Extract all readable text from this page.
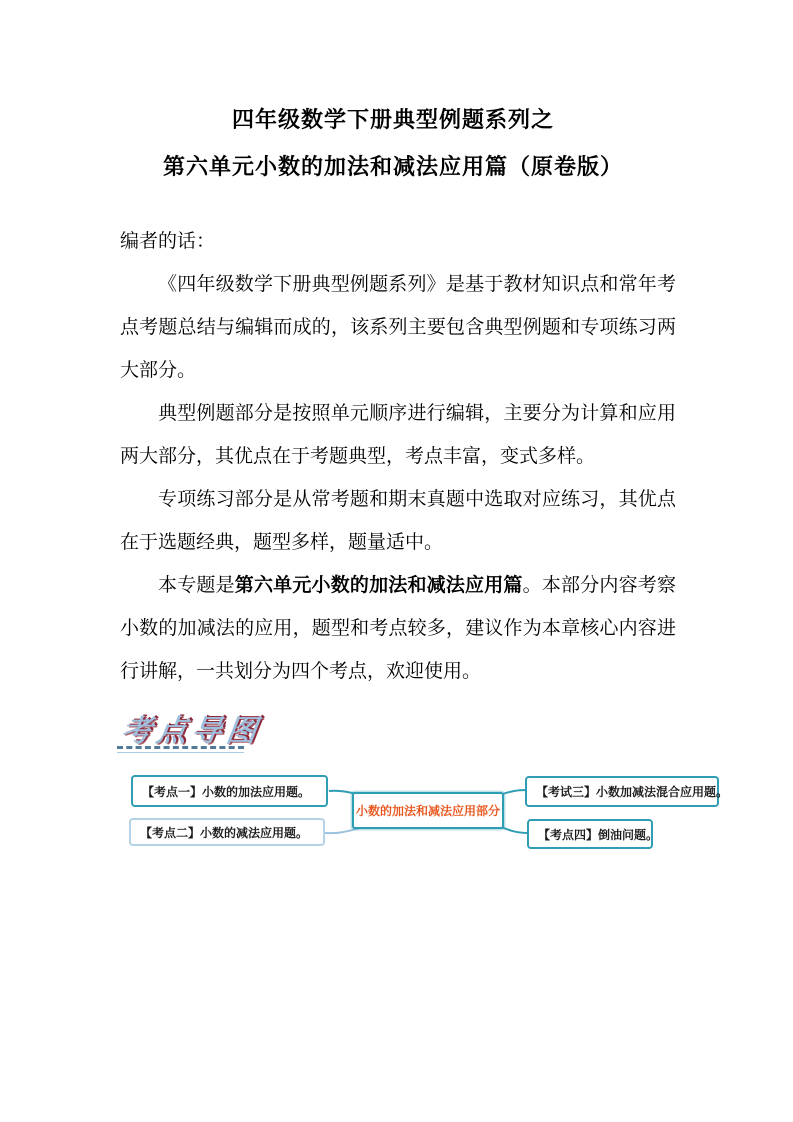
四年级数学下册典型例题系列之
第六单元小数的加法和减法应用篇（原卷版）

编者的话：

《四年级数学下册典型例题系列》是基于教材知识点和常年考点考题总结与编辑而成的，该系列主要包含典型例题和专项练习两大部分。

典型例题部分是按照单元顺序进行编辑，主要分为计算和应用两大部分，其优点在于考题典型，考点丰富，变式多样。

专项练习部分是从常考题和期末真题中选取对应练习，其优点在于选题经典，题型多样，题量适中。

本专题是第六单元小数的加法和减法应用篇。本部分内容考察小数的加减法的应用，题型和考点较多，建议作为本章核心内容进行讲解，一共划分为四个考点，欢迎使用。

考点导图
【考点一】小数的加法应用题。
【考点二】小数的减法应用题。
小数的加法和减法应用部分
【考试三】小数加减法混合应用题。
【考点四】倒油问题。
